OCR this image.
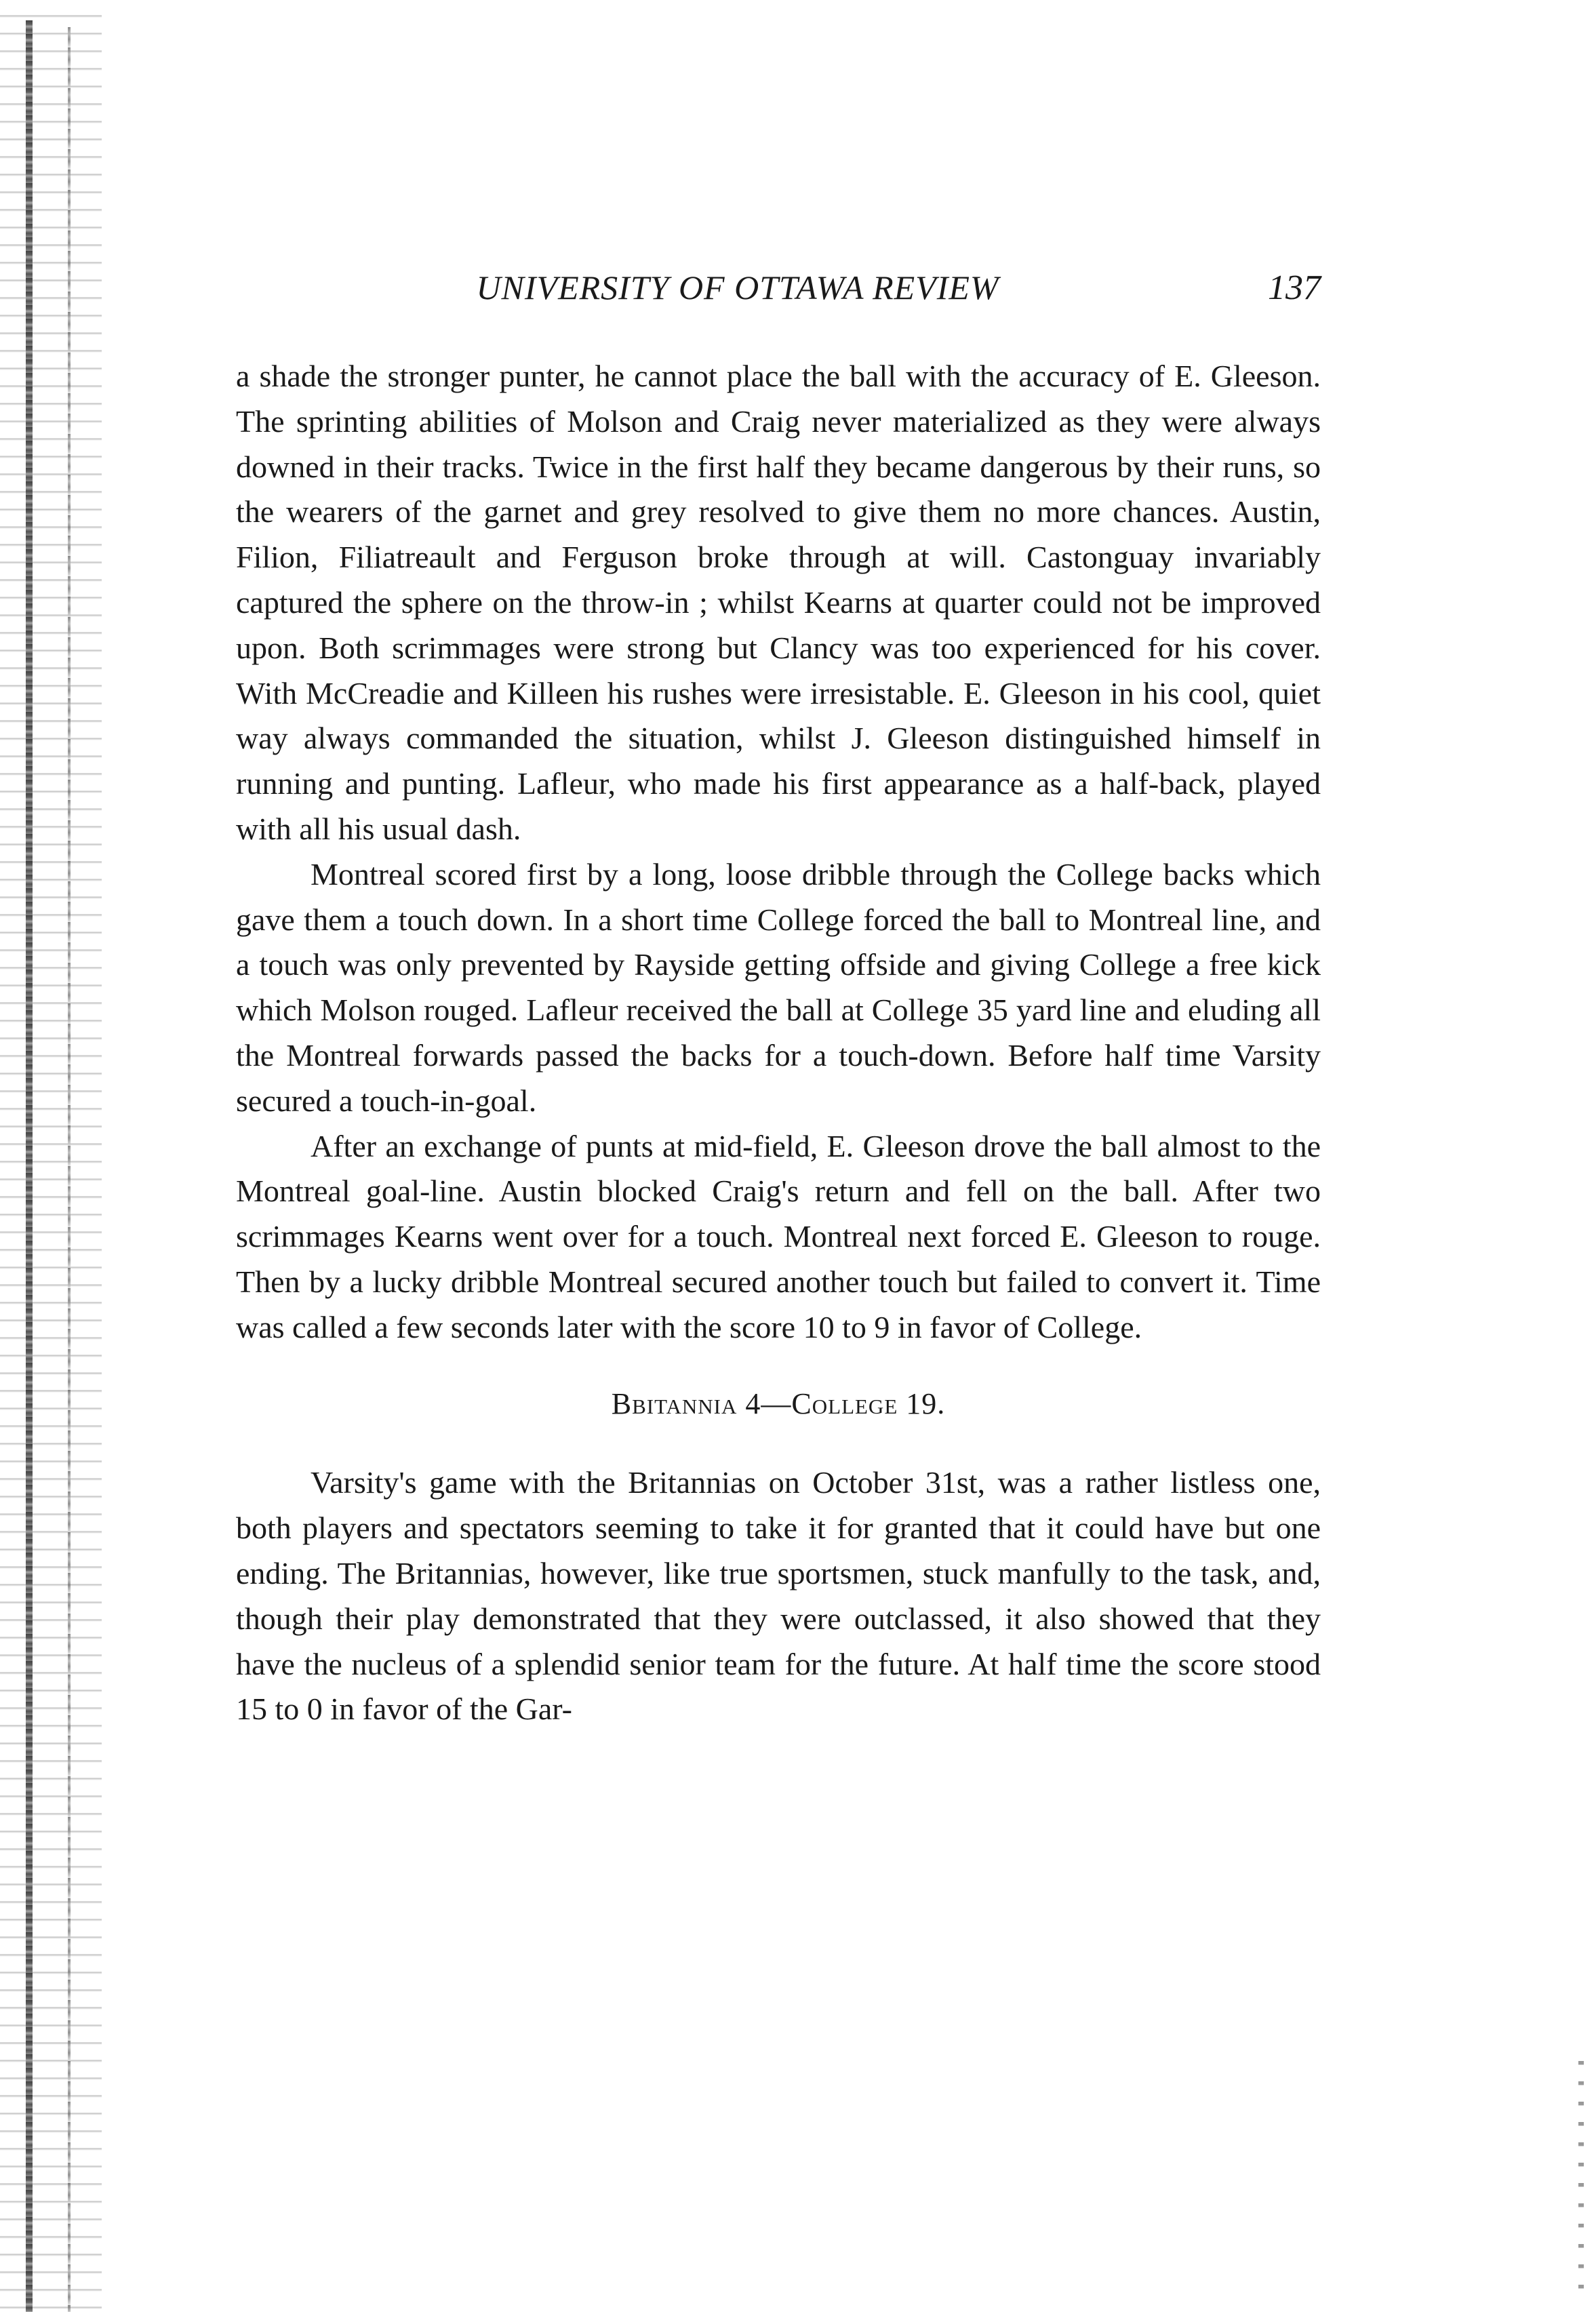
UNIVERSITY OF OTTAWA REVIEW	137

a shade the stronger punter, he cannot place the ball with the accuracy of E. Gleeson. The sprinting abilities of Molson and Craig never materialized as they were always downed in their tracks. Twice in the first half they became dangerous by their runs, so the wearers of the garnet and grey resolved to give them no more chances. Austin, Filion, Filiatreault and Ferguson broke through at will. Castonguay invariably captured the sphere on the throw-in ; whilst Kearns at quarter could not be improved upon. Both scrimmages were strong but Clancy was too experienced for his cover. With McCreadie and Killeen his rushes were irresistable. E. Gleeson in his cool, quiet way always commanded the situation, whilst J. Gleeson distinguished himself in running and punting. Lafleur, who made his first appearance as a half-back, played with all his usual dash.

Montreal scored first by a long, loose dribble through the College backs which gave them a touch down. In a short time College forced the ball to Montreal line, and a touch was only prevented by Rayside getting offside and giving College a free kick which Molson rouged. Lafleur received the ball at College 35 yard line and eluding all the Montreal forwards passed the backs for a touch-down. Before half time Varsity secured a touch-in-goal.

After an exchange of punts at mid-field, E. Gleeson drove the ball almost to the Montreal goal-line. Austin blocked Craig's return and fell on the ball. After two scrimmages Kearns went over for a touch. Montreal next forced E. Gleeson to rouge. Then by a lucky dribble Montreal secured another touch but failed to convert it. Time was called a few seconds later with the score 10 to 9 in favor of College.

Bbitannia 4—College 19.

Varsity's game with the Britannias on October 31st, was a rather listless one, both players and spectators seeming to take it for granted that it could have but one ending. The Britannias, however, like true sportsmen, stuck manfully to the task, and, though their play demonstrated that they were outclassed, it also showed that they have the nucleus of a splendid senior team for the future. At half time the score stood 15 to 0 in favor of the Gar-
